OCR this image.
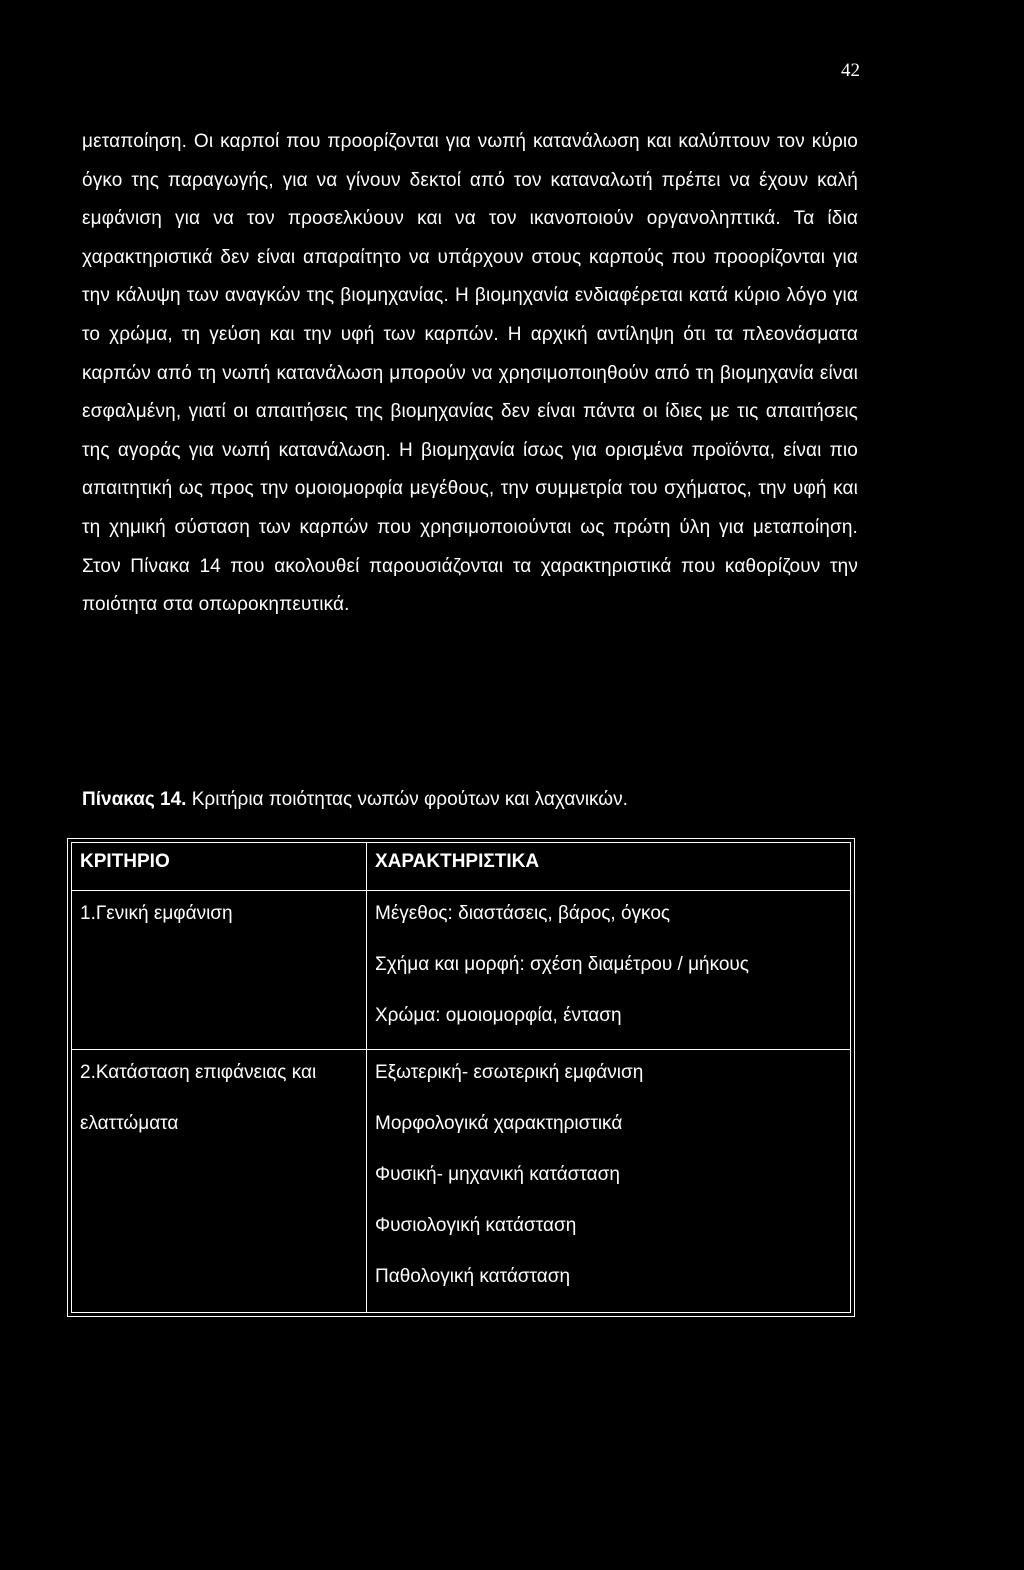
42

μεταποίηση. Οι καρποί που προορίζονται για νωπή κατανάλωση και καλύπτουν τον κύριο όγκο της παραγωγής, για να γίνουν δεκτοί από τον καταναλωτή πρέπει να έχουν καλή εμφάνιση για να τον προσελκύουν και να τον ικανοποιούν οργανοληπτικά. Τα ίδια χαρακτηριστικά δεν είναι απαραίτητο να υπάρχουν στους καρπούς που προορίζονται για την κάλυψη των αναγκών της βιομηχανίας. Η βιομηχανία ενδιαφέρεται κατά κύριο λόγο για το χρώμα, τη γεύση και την υφή των καρπών. Η αρχική αντίληψη ότι τα πλεονάσματα καρπών από τη νωπή κατανάλωση μπορούν να χρησιμοποιηθούν από τη βιομηχανία είναι εσφαλμένη, γιατί οι απαιτήσεις της βιομηχανίας δεν είναι πάντα οι ίδιες με τις απαιτήσεις της αγοράς για νωπή κατανάλωση. Η βιομηχανία ίσως για ορισμένα προϊόντα, είναι πιο απαιτητική ως προς την ομοιομορφία μεγέθους, την συμμετρία του σχήματος, την υφή και τη χημική σύσταση των καρπών που χρησιμοποιούνται ως πρώτη ύλη για μεταποίηση. Στον Πίνακα 14 που ακολουθεί παρουσιάζονται τα χαρακτηριστικά που καθορίζουν την ποιότητα στα οπωροκηπευτικά.

Πίνακας 14. Κριτήρια ποιότητας νωπών φρούτων και λαχανικών.

ΚΡΙΤΗΡΙΟ	ΧΑΡΑΚΤΗΡΙΣΤΙΚΑ

1.Γενική εμφάνιση	Μέγεθος: διαστάσεις, βάρος, όγκος
Σχήμα και μορφή: σχέση διαμέτρου / μήκους
Χρώμα: ομοιομορφία, ένταση

2.Κατάσταση επιφάνειας και
ελαττώματα	Εξωτερική- εσωτερική εμφάνιση
Μορφολογικά χαρακτηριστικά
Φυσική- μηχανική κατάσταση
Φυσιολογική κατάσταση
Παθολογική κατάσταση
